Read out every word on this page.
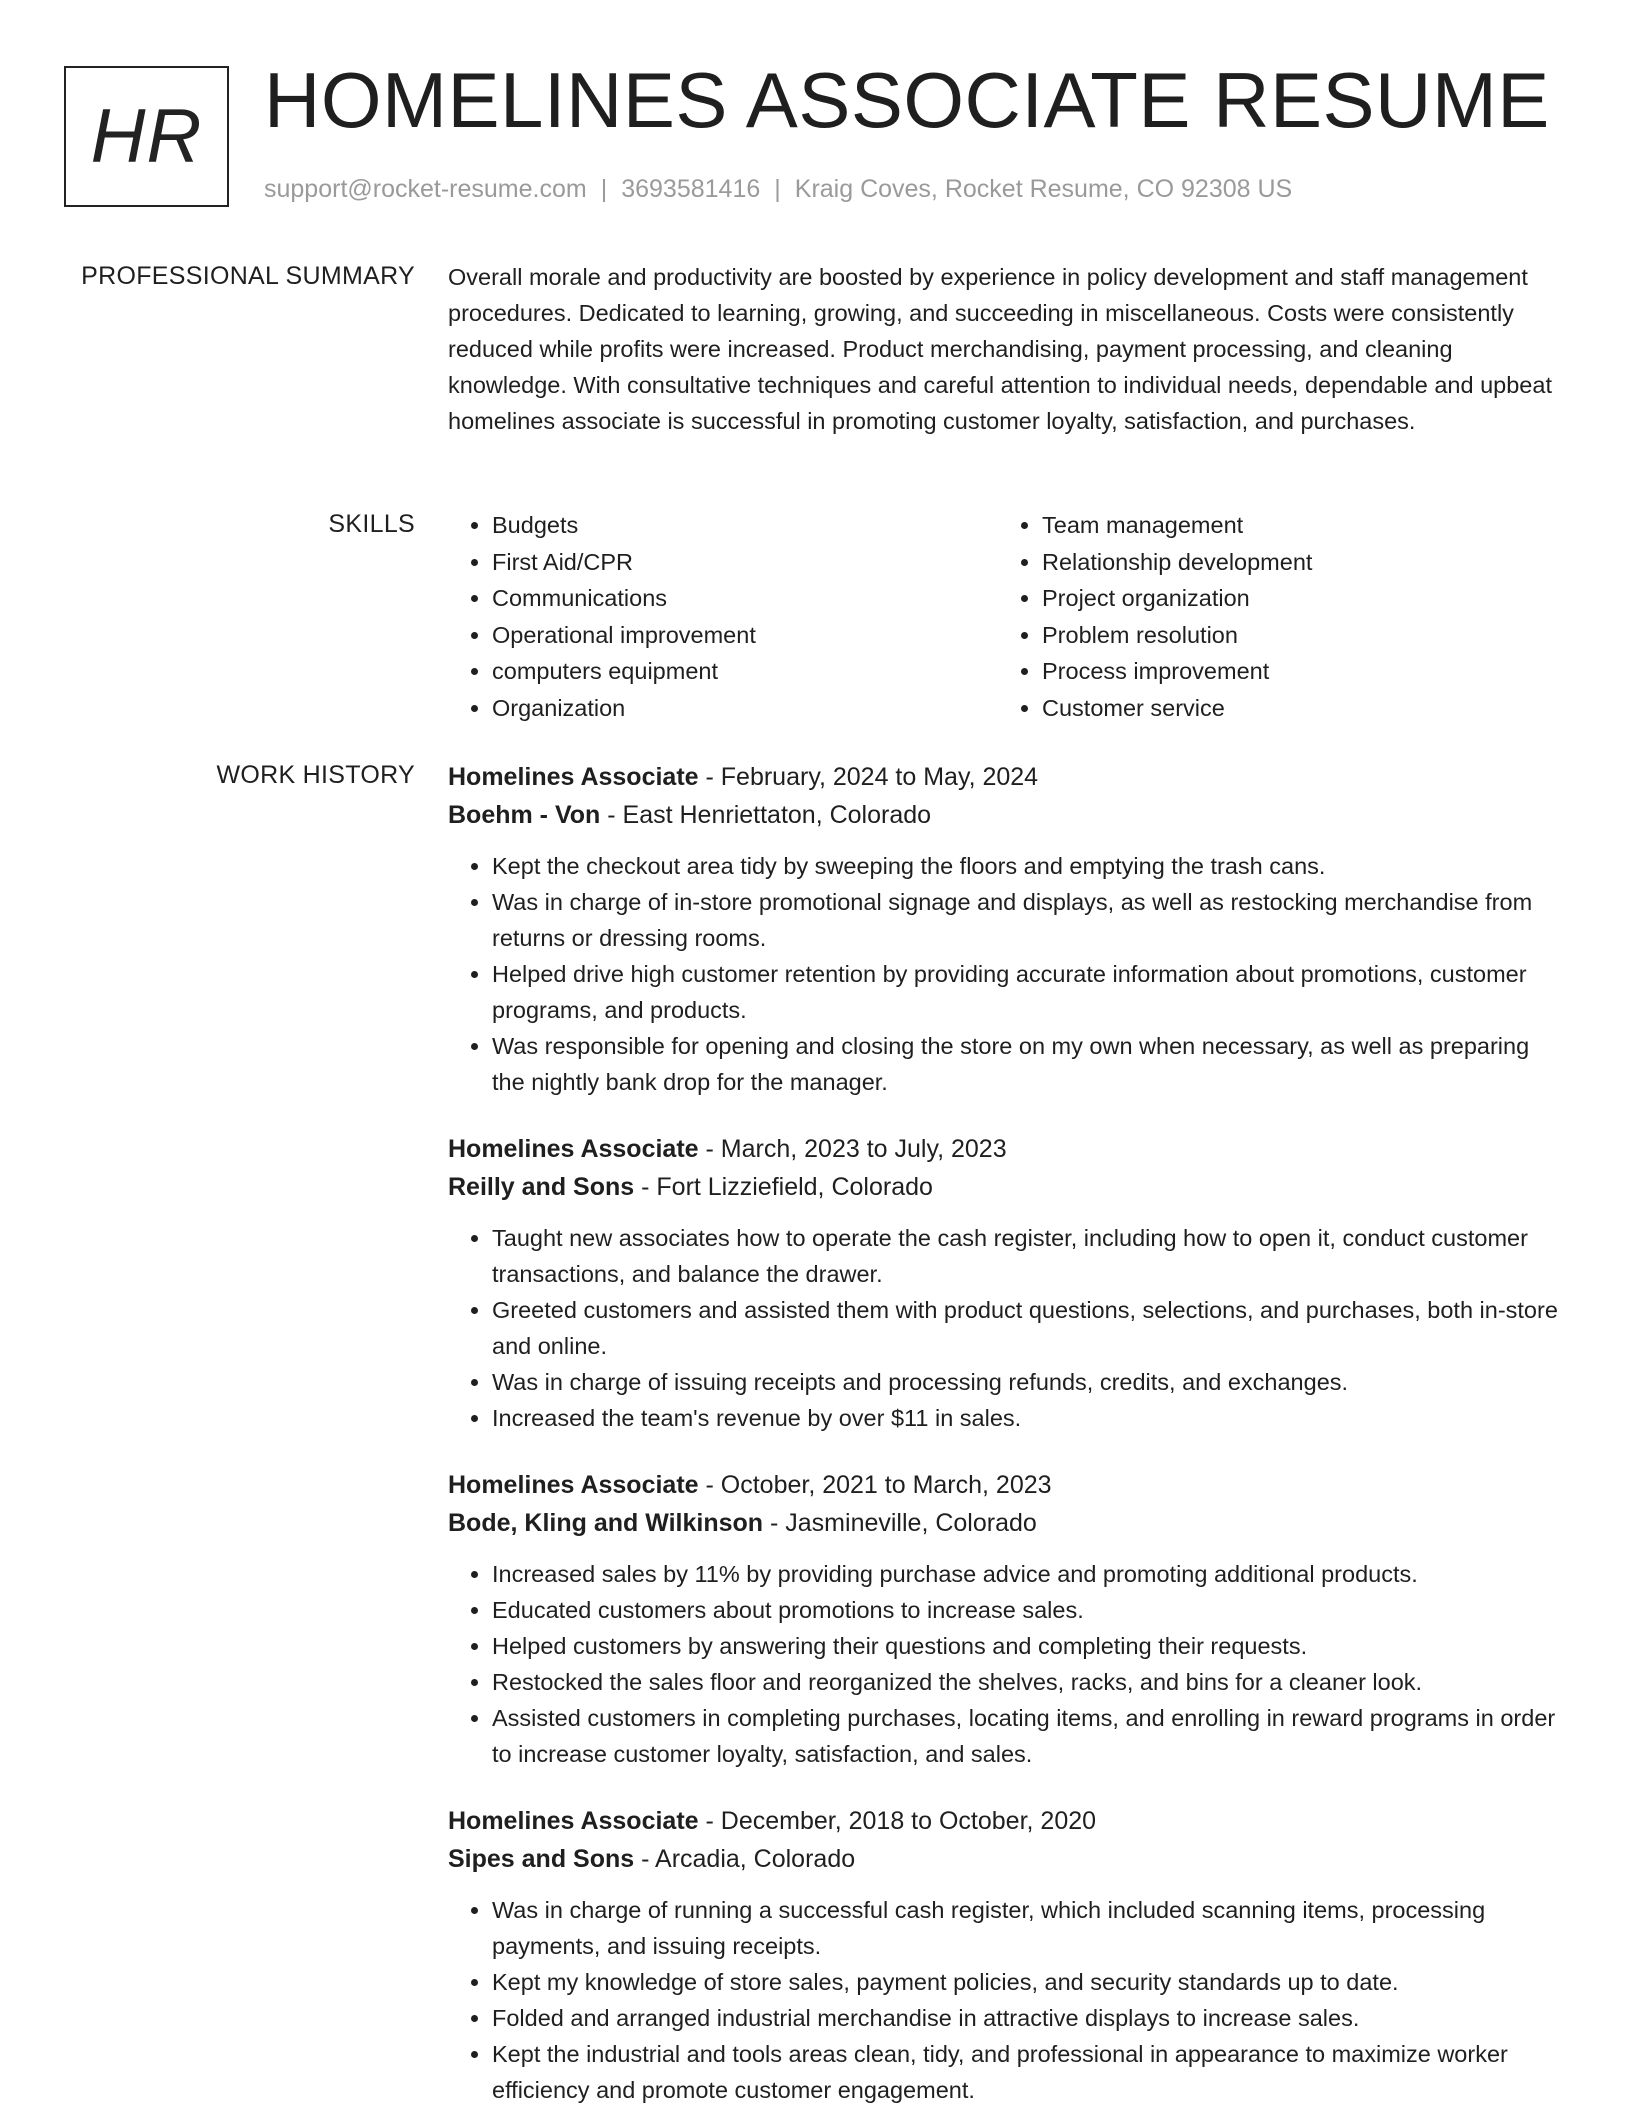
HR HOMELINES ASSOCIATE RESUME
support@rocket-resume.com | 3693581416 | Kraig Coves, Rocket Resume, CO 92308 US
PROFESSIONAL SUMMARY Overall morale and productivity are boosted by experience in policy development and staff management procedures. Dedicated to learning, growing, and succeeding in miscellaneous. Costs were consistently reduced while profits were increased. Product merchandising, payment processing, and cleaning knowledge. With consultative techniques and careful attention to individual needs, dependable and upbeat homelines associate is successful in promoting customer loyalty, satisfaction, and purchases.

SKILLS
•	Budgets
• First Aid/CPR
• Communications
• Operational improvement
• computers equipment
• Organization
• Team management
• Relationship development
• Project organization
• Problem resolution
• Process improvement
• Customer service
WORK HISTORY Homelines Associate - February, 2024 to May, 2024
Boehm - Von - East Henriettaton, Colorado
• Kept the checkout area tidy by sweeping the floors and emptying the trash cans.
• Was in charge of in-store promotional signage and displays, as well as restocking merchandise from returns or dressing rooms.
• Helped drive high customer retention by providing accurate information about promotions, customer programs, and products.
• Was responsible for opening and closing the store on my own when necessary, as well as preparing the nightly bank drop for the manager.
Homelines Associate - March, 2023 to July, 2023
Reilly and Sons - Fort Lizziefield, Colorado
• Taught new associates how to operate the cash register, including how to open it, conduct customer transactions, and balance the drawer.
• Greeted customers and assisted them with product questions, selections, and purchases, both in-store and online.
• Was in charge of issuing receipts and processing refunds, credits, and exchanges.
• Increased the team's revenue by over $11 in sales.
Homelines Associate - October, 2021 to March, 2023
Bode, Kling and Wilkinson - Jasmineville, Colorado
• Increased sales by 11% by providing purchase advice and promoting additional products.
• Educated customers about promotions to increase sales.
• Helped customers by answering their questions and completing their requests.
• Restocked the sales floor and reorganized the shelves, racks, and bins for a cleaner look.
• Assisted customers in completing purchases, locating items, and enrolling in reward programs in order to increase customer loyalty, satisfaction, and sales.
Homelines Associate - December, 2018 to October, 2020
Sipes and Sons - Arcadia, Colorado
• Was in charge of running a successful cash register, which included scanning items, processing payments, and issuing receipts.
• Kept my knowledge of store sales, payment policies, and security standards up to date.
• Folded and arranged industrial merchandise in attractive displays to increase sales.
• Kept the industrial and tools areas clean, tidy, and professional in appearance to maximize worker efficiency and promote customer engagement.
